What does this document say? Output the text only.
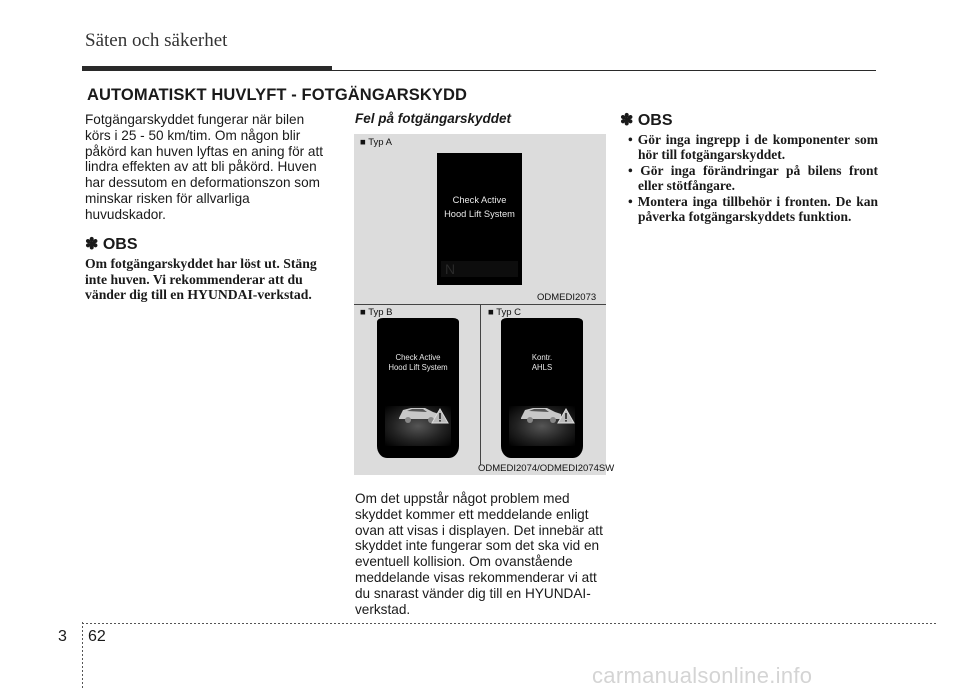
Säten och säkerhet
AUTOMATISKT HUVLYFT - FOTGÄNGARSKYDD
Fotgängarskyddet fungerar när bilen
körs i 25 - 50 km/tim. Om någon blir
påkörd kan huven lyftas en aning för att
lindra effekten av att bli påkörd. Huven
har dessutom en deformationszon som
minskar risken för allvarliga
huvudskador.
✽ OBS
Om fotgängarskyddet har löst ut. Stäng
inte huven. Vi rekommenderar att du
vänder dig till en HYUNDAI-verkstad.
Fel på fotgängarskyddet
■ Typ A
Check Active
Hood Lift System
N
ODMEDI2073
■ Typ B	■ Typ C
Check Active
Hood Lift System
Kontr.
AHLS
ODMEDI2074/ODMEDI2074SW
Om det uppstår något problem med
skyddet kommer ett meddelande enligt
ovan att visas i displayen. Det innebär att
skyddet inte fungerar som det ska vid en
eventuell kollision. Om ovanstående
meddelande visas rekommenderar vi att
du snarast vänder dig till en HYUNDAI-
verkstad.
✽ OBS
• Gör inga ingrepp i de komponenter som hör till fotgängarskyddet.
• Gör inga förändringar på bilens front eller stötfångare.
• Montera inga tillbehör i fronten. De kan påverka fotgängarskyddets funktion.
3 62
carmanualsonline.info
